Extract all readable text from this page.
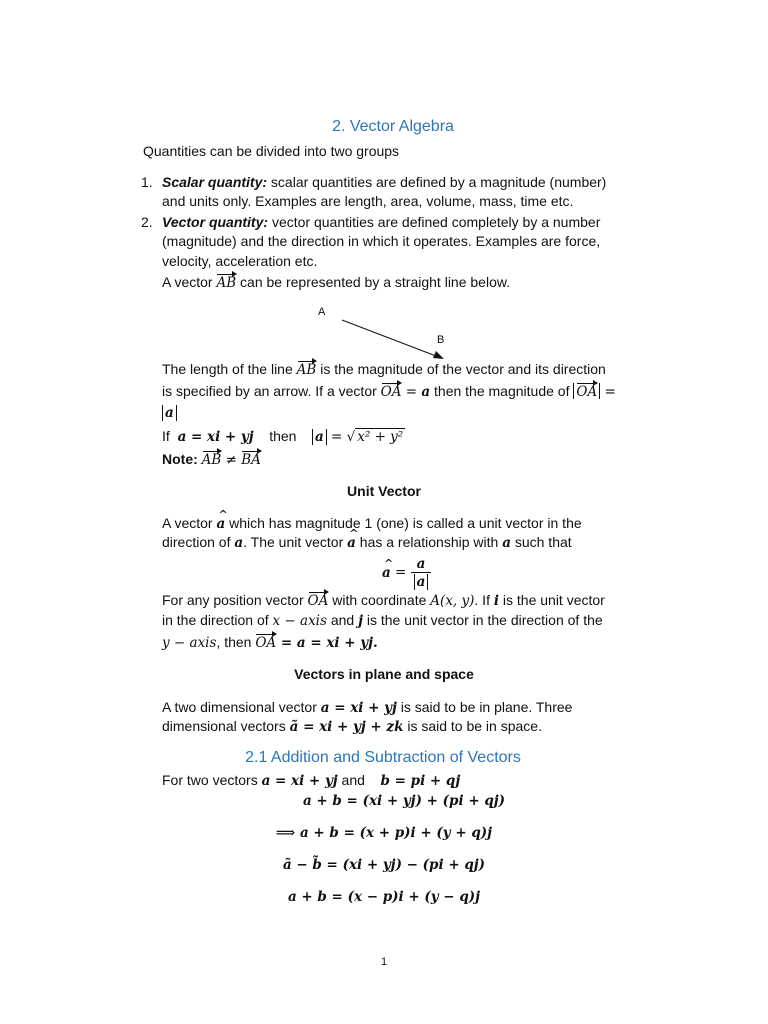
2. Vector Algebra
Quantities can be divided into two groups
1. Scalar quantity: scalar quantities are defined by a magnitude (number)
and units only. Examples are length, area, volume, mass, time etc.
2. Vector quantity: vector quantities are defined completely by a number
(magnitude) and the direction in which it operates. Examples are force,
velocity, acceleration etc.
A vector AB can be represented by a straight line below.
A
B
The length of the line AB is the magnitude of the vector and its direction
is specified by an arrow. If a vector OA = a then the magnitude of OA =
a
If a = xi + yj then a = √ x² + y²
Note: AB ≠ BA
Unit Vector
A vector ^ a which has magnitude 1 (one) is called a unit vector in the
direction of a. The unit vector ^ a has a relationship with a such that
^ $a = \frac{a}{a}$
For any position vector OA with coordinate A(x, y). If i is the unit vector
in the direction of x − axis and j is the unit vector in the direction of the
y − axis, then OA = a = xi + yj.
Vectors in plane and space
A two dimensional vector a = xi + yj is said to be in plane. Three
dimensional vectors ã = xi + yj + zk is said to be in space.
2.1 Addition and Subtraction of Vectors
For two vectors a = xi + yj and    b = pi + qj
a + b = (xi + yj) + (pi + qj)
⟹ a + b = (x + p)i + (y + q)j
ã − b̃ = (xi + yj) − (pi + qj)
a + b = (x − p)i + (y − q)j
1
